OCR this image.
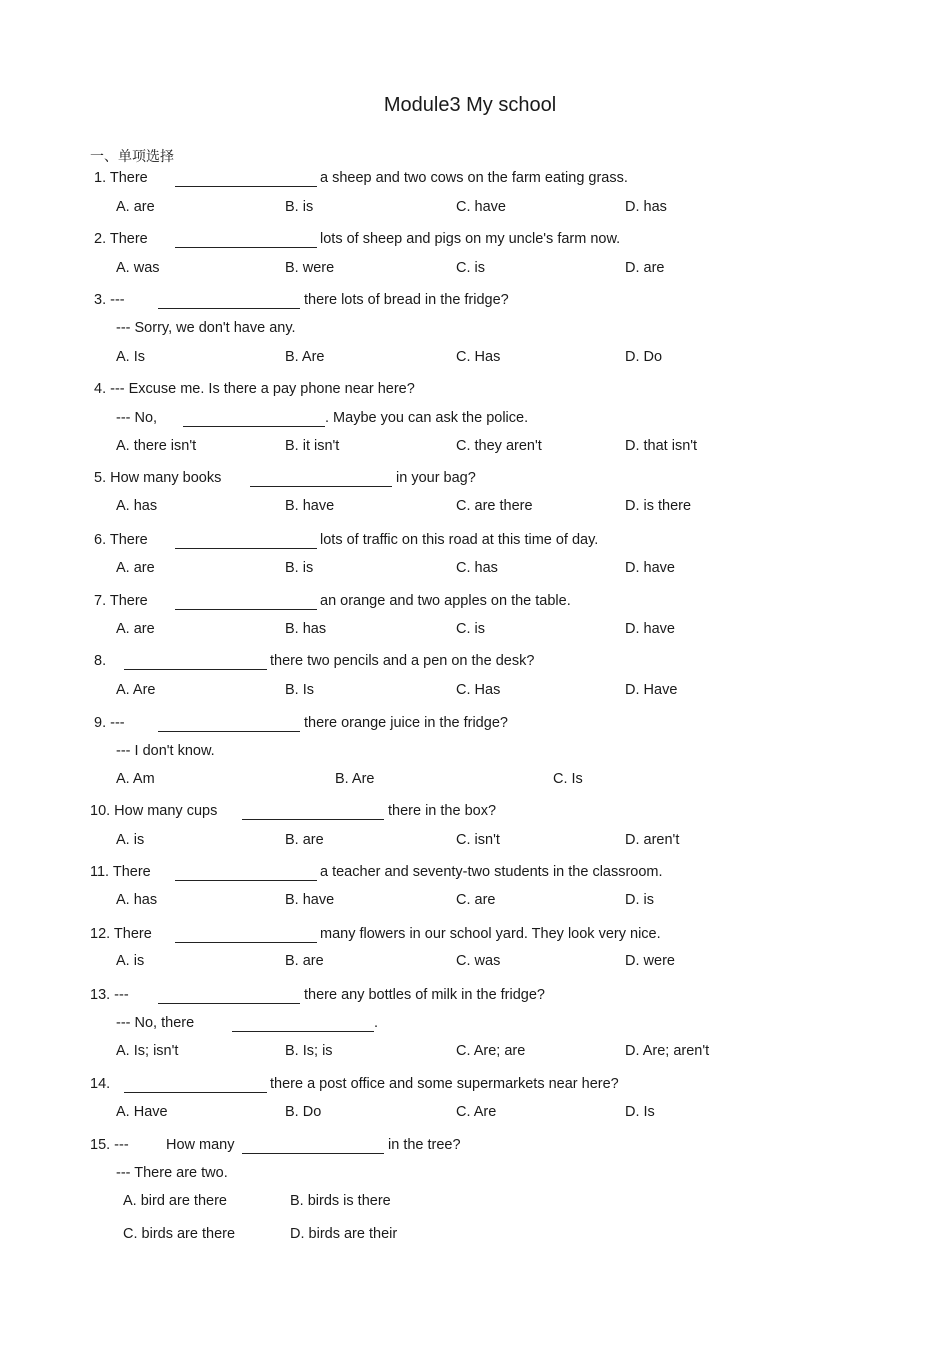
Module3 My school
一、单项选择
1. There	a sheep and two cows on the farm eating grass.
A. are	B. is	C. have	D. has
2. There	lots of sheep and pigs on my uncle's farm now.
A. was	B. were	C. is	D. are
3. ---	there lots of bread in the fridge?
--- Sorry, we don't have any.
A. Is	B. Are	C. Has	D. Do
4. --- Excuse me. Is there a pay phone near here?
--- No,	. Maybe you can ask the police.
A. there isn't	B. it isn't	C. they aren't	D. that isn't
5. How many books	in your bag?
A. has	B. have	C. are there	D. is there
6. There	lots of traffic on this road at this time of day.
A. are	B. is	C. has	D. have
7. There	an orange and two apples on the table.
A. are	B. has	C. is	D. have
8.	there two pencils and a pen on the desk?
A. Are	B. Is	C. Has	D. Have
9. ---	there orange juice in the fridge?
--- I don't know.
A. Am	B. Are	C. Is
10. How many cups	there in the box?
A. is	B. are	C. isn't	D. aren't
11. There	a teacher and seventy-two students in the classroom.
A. has	B. have	C. are	D. is
12. There	many flowers in our school yard. They look very nice.
A. is	B. are	C. was	D. were
13. ---	there any bottles of milk in the fridge?
--- No, there	.
A. Is; isn't	B. Is; is	C. Are; are	D. Are; aren't
14.	there a post office and some supermarkets near here?
A. Have	B. Do	C. Are	D. Is
15. ---	How many	in the tree?
--- There are two.
A. bird are there	B. birds is there
C. birds are there	D. birds are their
